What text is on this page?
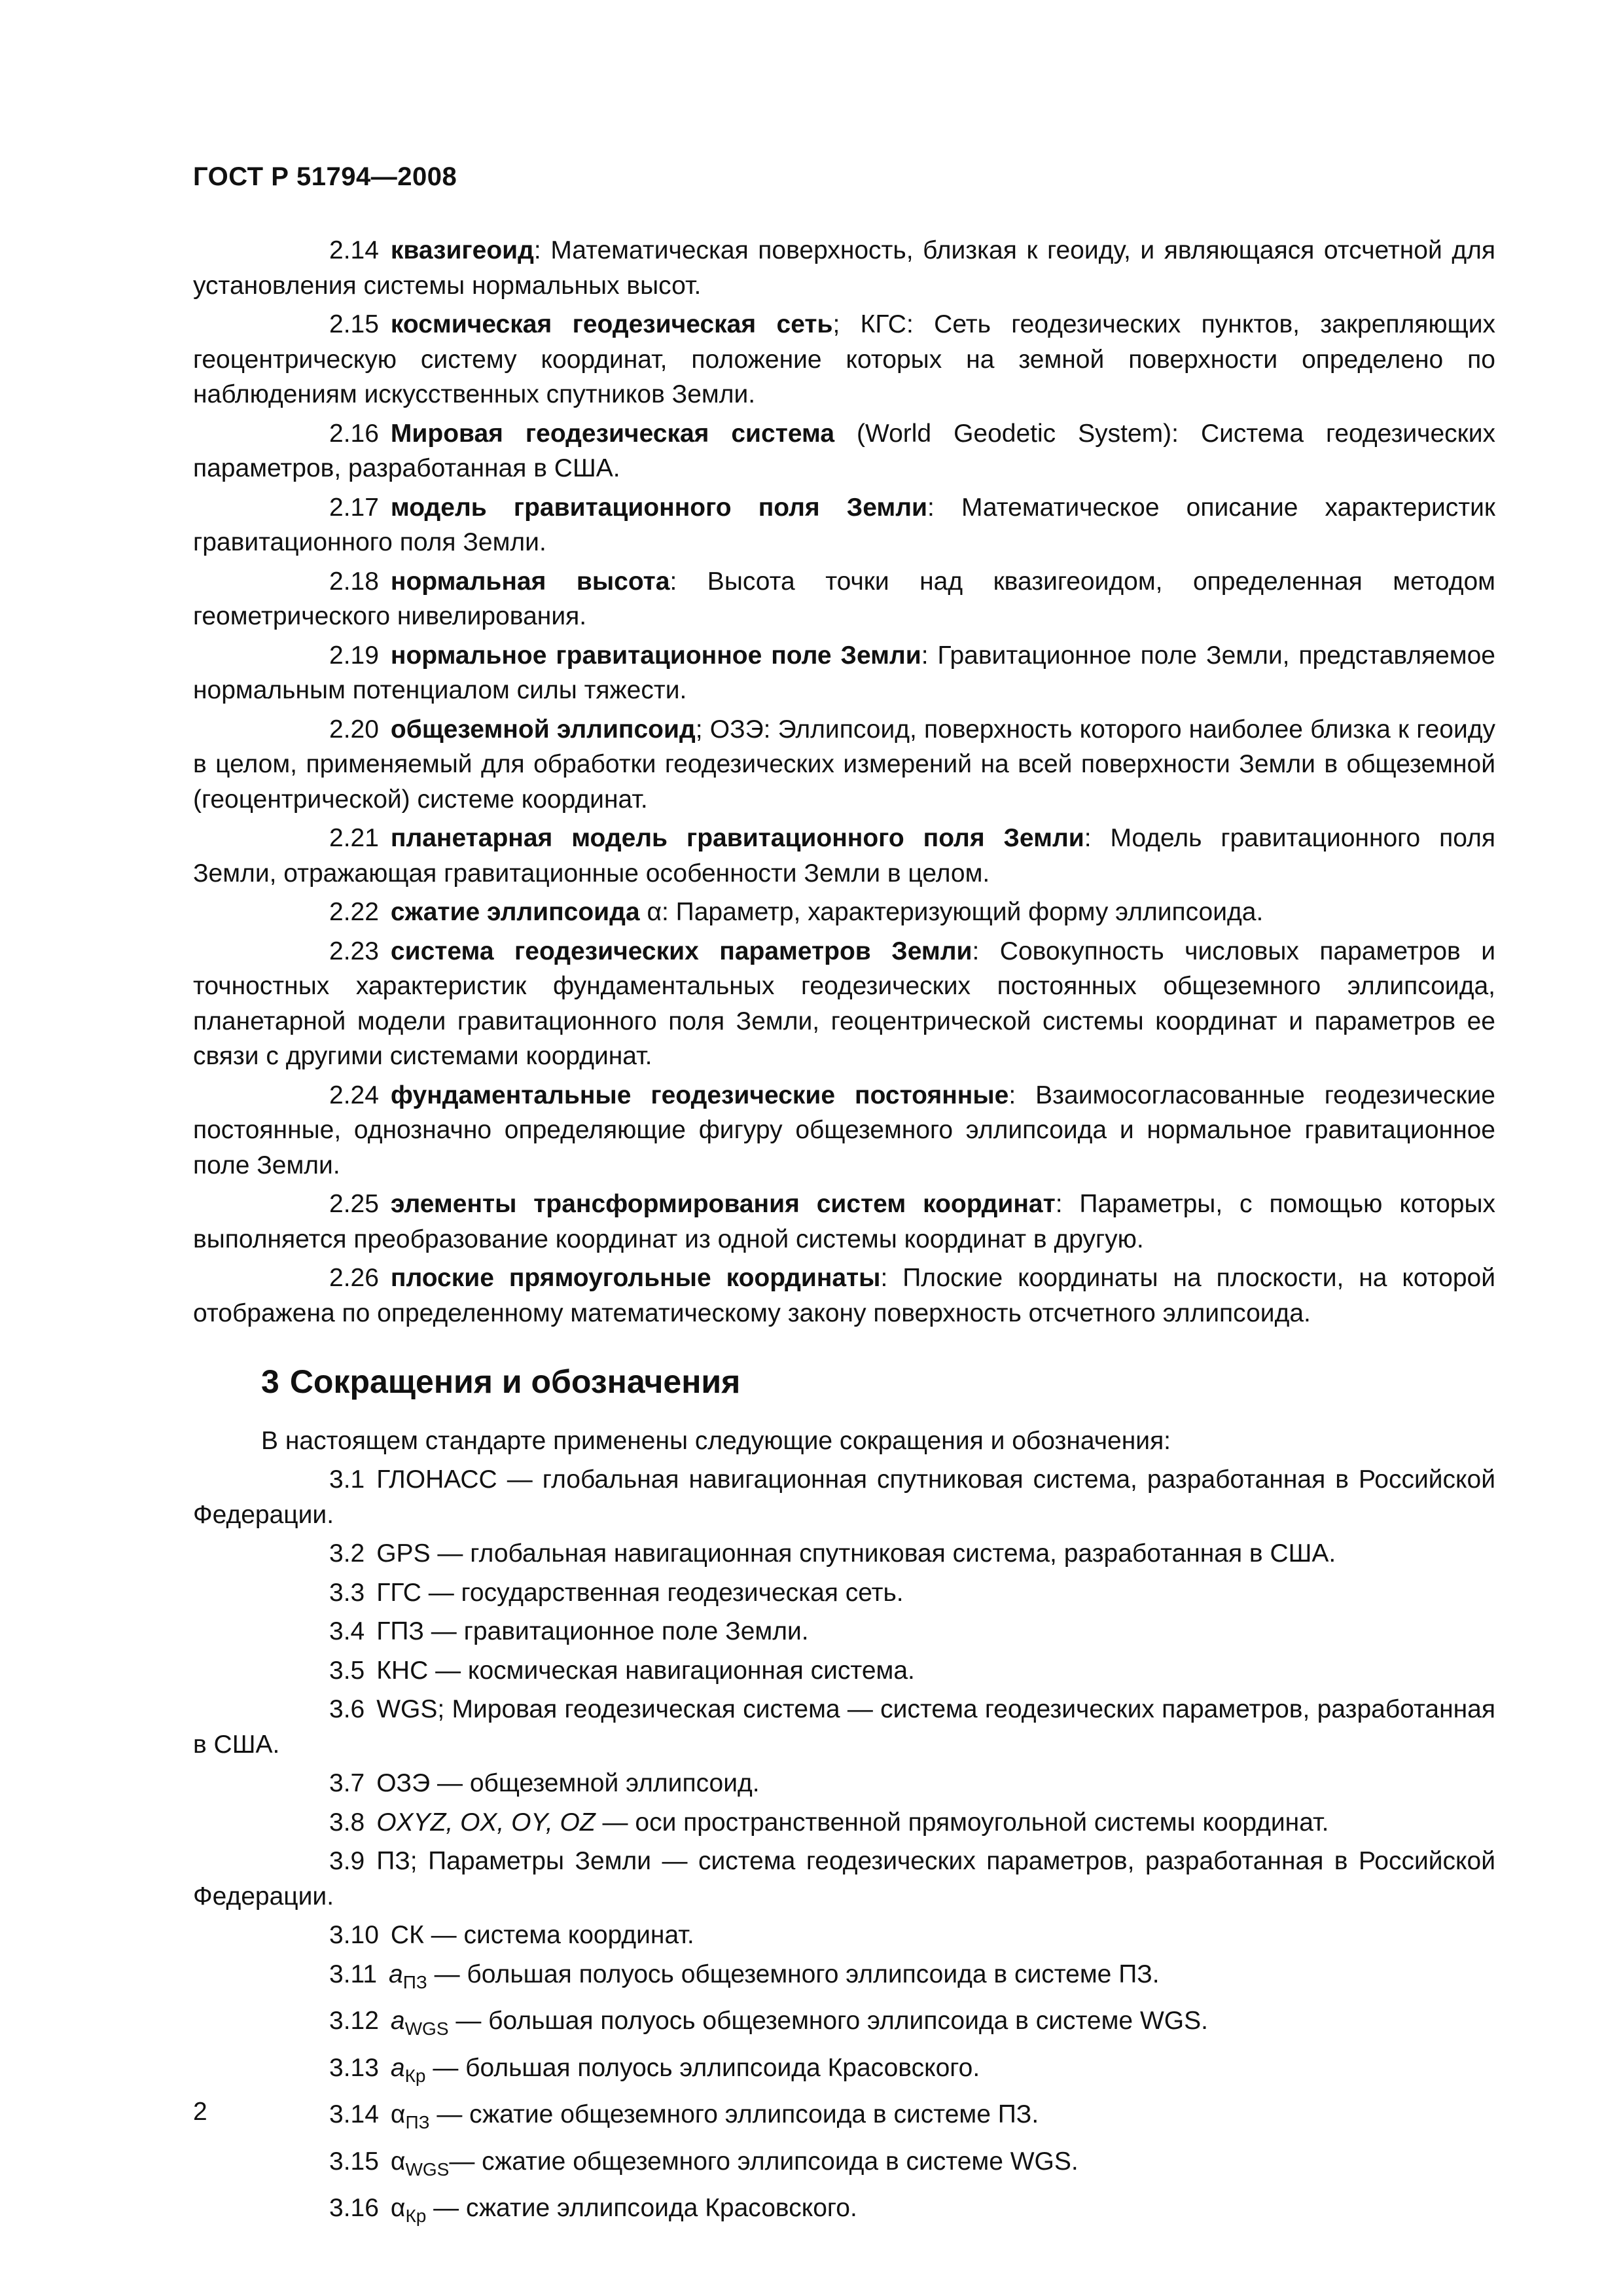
ГОСТ Р 51794—2008

2.14 квазигеоид: Математическая поверхность, близкая к геоиду, и являющаяся отсчетной для установления системы нормальных высот.

2.15 космическая геодезическая сеть; КГС: Сеть геодезических пунктов, закрепляющих геоцентрическую систему координат, положение которых на земной поверхности определено по наблюдениям искусственных спутников Земли.

2.16 Мировая геодезическая система (World Geodetic System): Система геодезических параметров, разработанная в США.

2.17 модель гравитационного поля Земли: Математическое описание характеристик гравитационного поля Земли.

2.18 нормальная высота: Высота точки над квазигеоидом, определенная методом геометрического нивелирования.

2.19 нормальное гравитационное поле Земли: Гравитационное поле Земли, представляемое нормальным потенциалом силы тяжести.

2.20 общеземной эллипсоид; ОЗЭ: Эллипсоид, поверхность которого наиболее близка к геоиду в целом, применяемый для обработки геодезических измерений на всей поверхности Земли в общеземной (геоцентрической) системе координат.

2.21 планетарная модель гравитационного поля Земли: Модель гравитационного поля Земли, отражающая гравитационные особенности Земли в целом.

2.22 сжатие эллипсоида α: Параметр, характеризующий форму эллипсоида.

2.23 система геодезических параметров Земли: Совокупность числовых параметров и точностных характеристик фундаментальных геодезических постоянных общеземного эллипсоида, планетарной модели гравитационного поля Земли, геоцентрической системы координат и параметров ее связи с другими системами координат.

2.24 фундаментальные геодезические постоянные: Взаимосогласованные геодезические постоянные, однозначно определяющие фигуру общеземного эллипсоида и нормальное гравитационное поле Земли.

2.25 элементы трансформирования систем координат: Параметры, с помощью которых выполняется преобразование координат из одной системы координат в другую.

2.26 плоские прямоугольные координаты: Плоские координаты на плоскости, на которой отображена по определенному математическому закону поверхность отсчетного эллипсоида.

3 Сокращения и обозначения

В настоящем стандарте применены следующие сокращения и обозначения:

3.1 ГЛОНАСС — глобальная навигационная спутниковая система, разработанная в Российской Федерации.

3.2 GPS — глобальная навигационная спутниковая система, разработанная в США.

3.3 ГГС — государственная геодезическая сеть.

3.4 ГПЗ — гравитационное поле Земли.

3.5 КНС — космическая навигационная система.

3.6 WGS; Мировая геодезическая система — система геодезических параметров, разработанная в США.

3.7 ОЗЭ — общеземной эллипсоид.

3.8 OXYZ, OX, OY, OZ — оси пространственной прямоугольной системы координат.

3.9 ПЗ; Параметры Земли — система геодезических параметров, разработанная в Российской Федерации.

3.10 СК — система координат.

3.11 $a_{ПЗ}$ — большая полуось общеземного эллипсоида в системе ПЗ.

3.12 $a_{WGS}$ — большая полуось общеземного эллипсоида в системе WGS.

3.13 $a_{Кр}$ — большая полуось эллипсоида Красовского.

3.14 $\alpha_{ПЗ}$ — сжатие общеземного эллипсоида в системе ПЗ.

3.15 $\alpha_{WGS}—$ сжатие общеземного эллипсоида в системе WGS.

3.16 $\alpha_{Кр}$ — сжатие эллипсоида Красовского.

2
